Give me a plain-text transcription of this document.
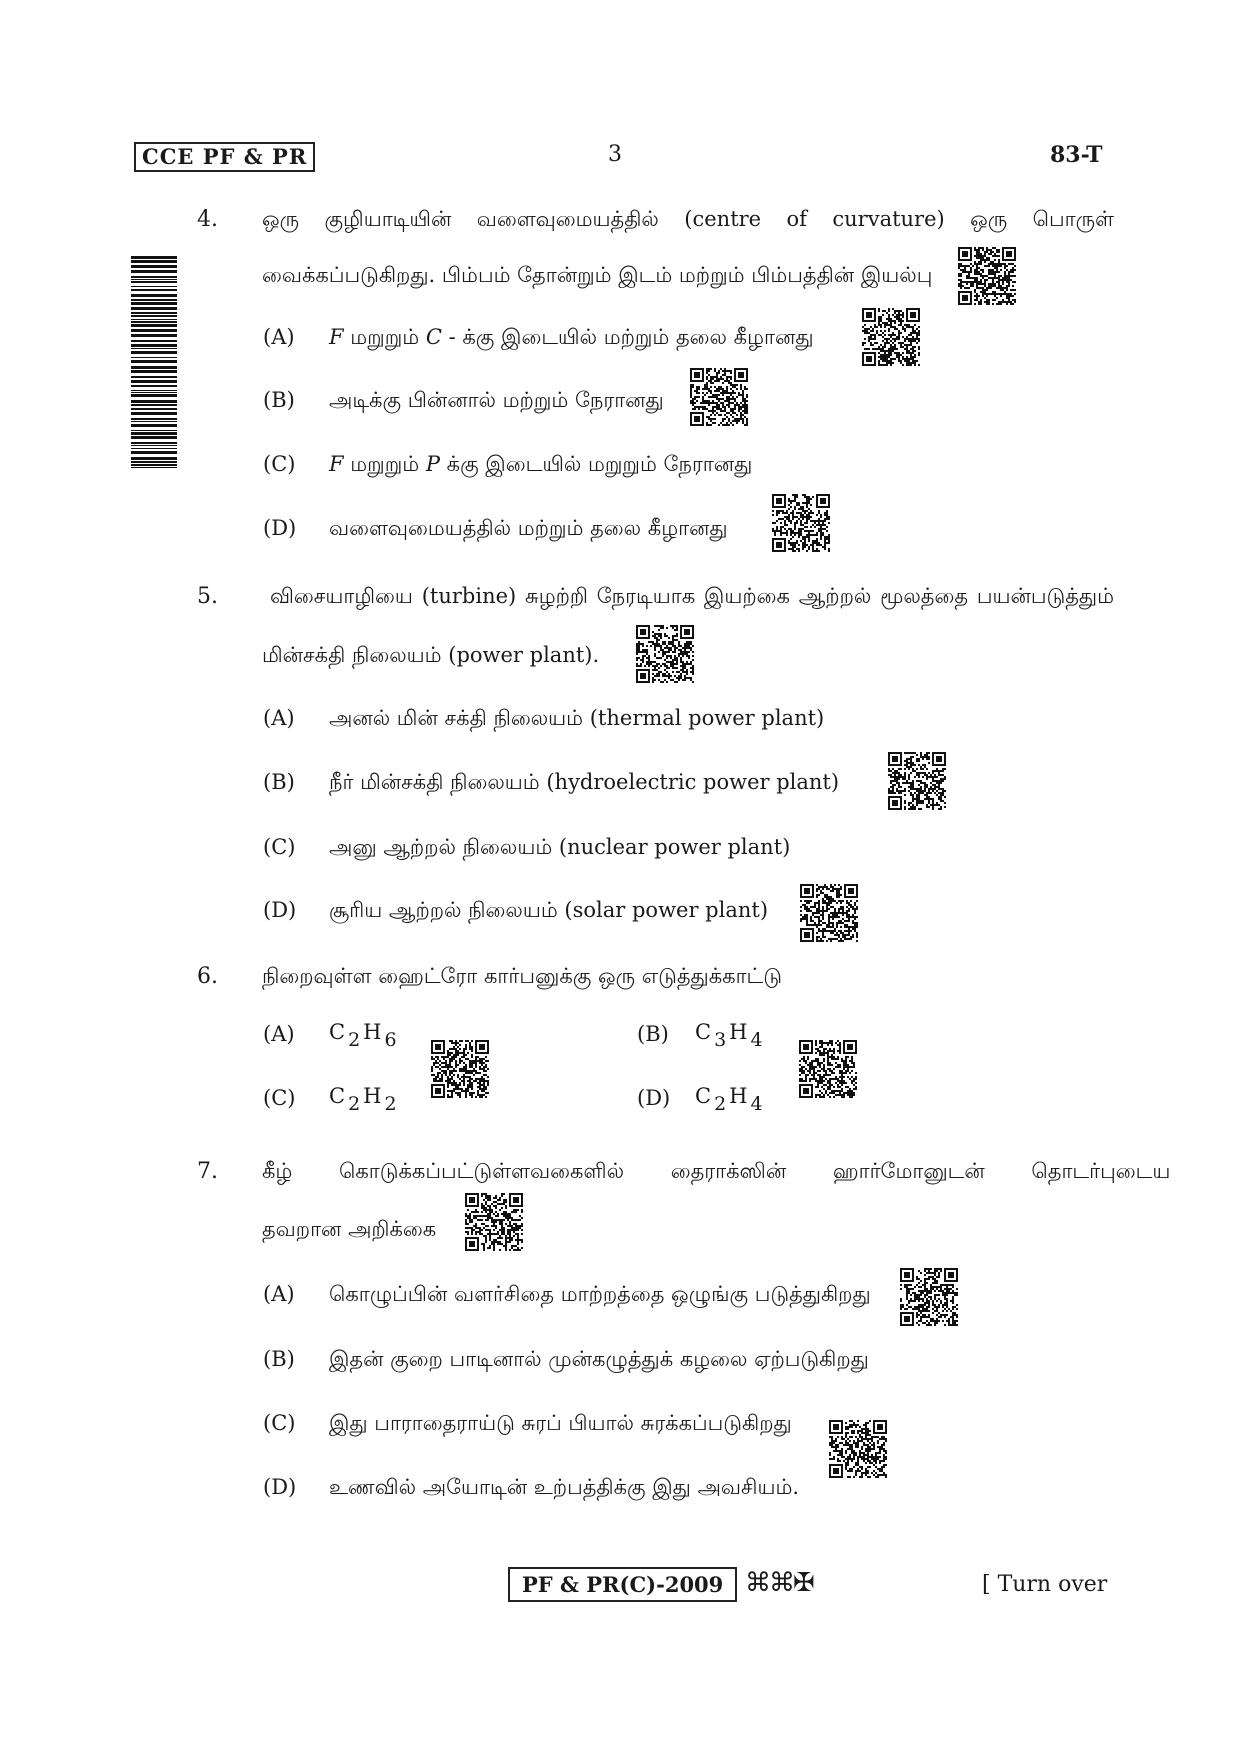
CCE PF & PR	3	83-T
4. ஒரு குழியாடியின் வளைவுமையத்தில் (centre of curvature) ஒரு பொருள்
வைக்கப்படுகிறது. பிம்பம் தோன்றும் இடம் மற்றும் பிம்பத்தின் இயல்பு
(A) F மறுறும் C - க்கு இடையில் மற்றும் தலை கீழானது
(B) அடிக்கு பின்னால் மற்றும் நேரானது
(C) F மறுறும் P க்கு இடையில் மறுறும் நேரானது
(D) வளைவுமையத்தில் மற்றும் தலை கீழானது
5. விசையாழியை (turbine) சுழற்றி நேரடியாக இயற்கை ஆற்றல் மூலத்தை பயன்படுத்தும்
மின்சக்தி நிலையம் (power plant).
(A) அனல் மின் சக்தி நிலையம் (thermal power plant)
(B) நீர் மின்சக்தி நிலையம் (hydroelectric power plant)
(C) அனு ஆற்றல் நிலையம் (nuclear power plant)
(D) சூரிய ஆற்றல் நிலையம் (solar power plant)
6. நிறைவுள்ள ஹைட்ரோ கார்பனுக்கு ஒரு எடுத்துக்காட்டு
(A) C $_2$ H $_6$	(B) C $_3$ H $_4$
(C) C $_2$ H $_2$	(D) C $_2$ H $_4$
7. கீழ் கொடுக்கப்பட்டுள்ளவகைளில் தைராக்ஸின் ஹார்மோனுடன் தொடர்புடைய
தவறான அறிக்கை
(A) கொழுப்பின் வளர்சிதை மாற்றத்தை ஒழுங்கு படுத்துகிறது
(B) இதன் குறை பாடினால் முன்கழுத்துக் கழலை ஏற்படுகிறது
(C) இது பாராதைராய்டு சுரப் பியால் சுரக்கப்படுகிறது
(D) உணவில் அயோடின் உற்பத்திக்கு இது அவசியம்.
PF & PR(C)-2009 ⌘⌘✠	[ Turn over
